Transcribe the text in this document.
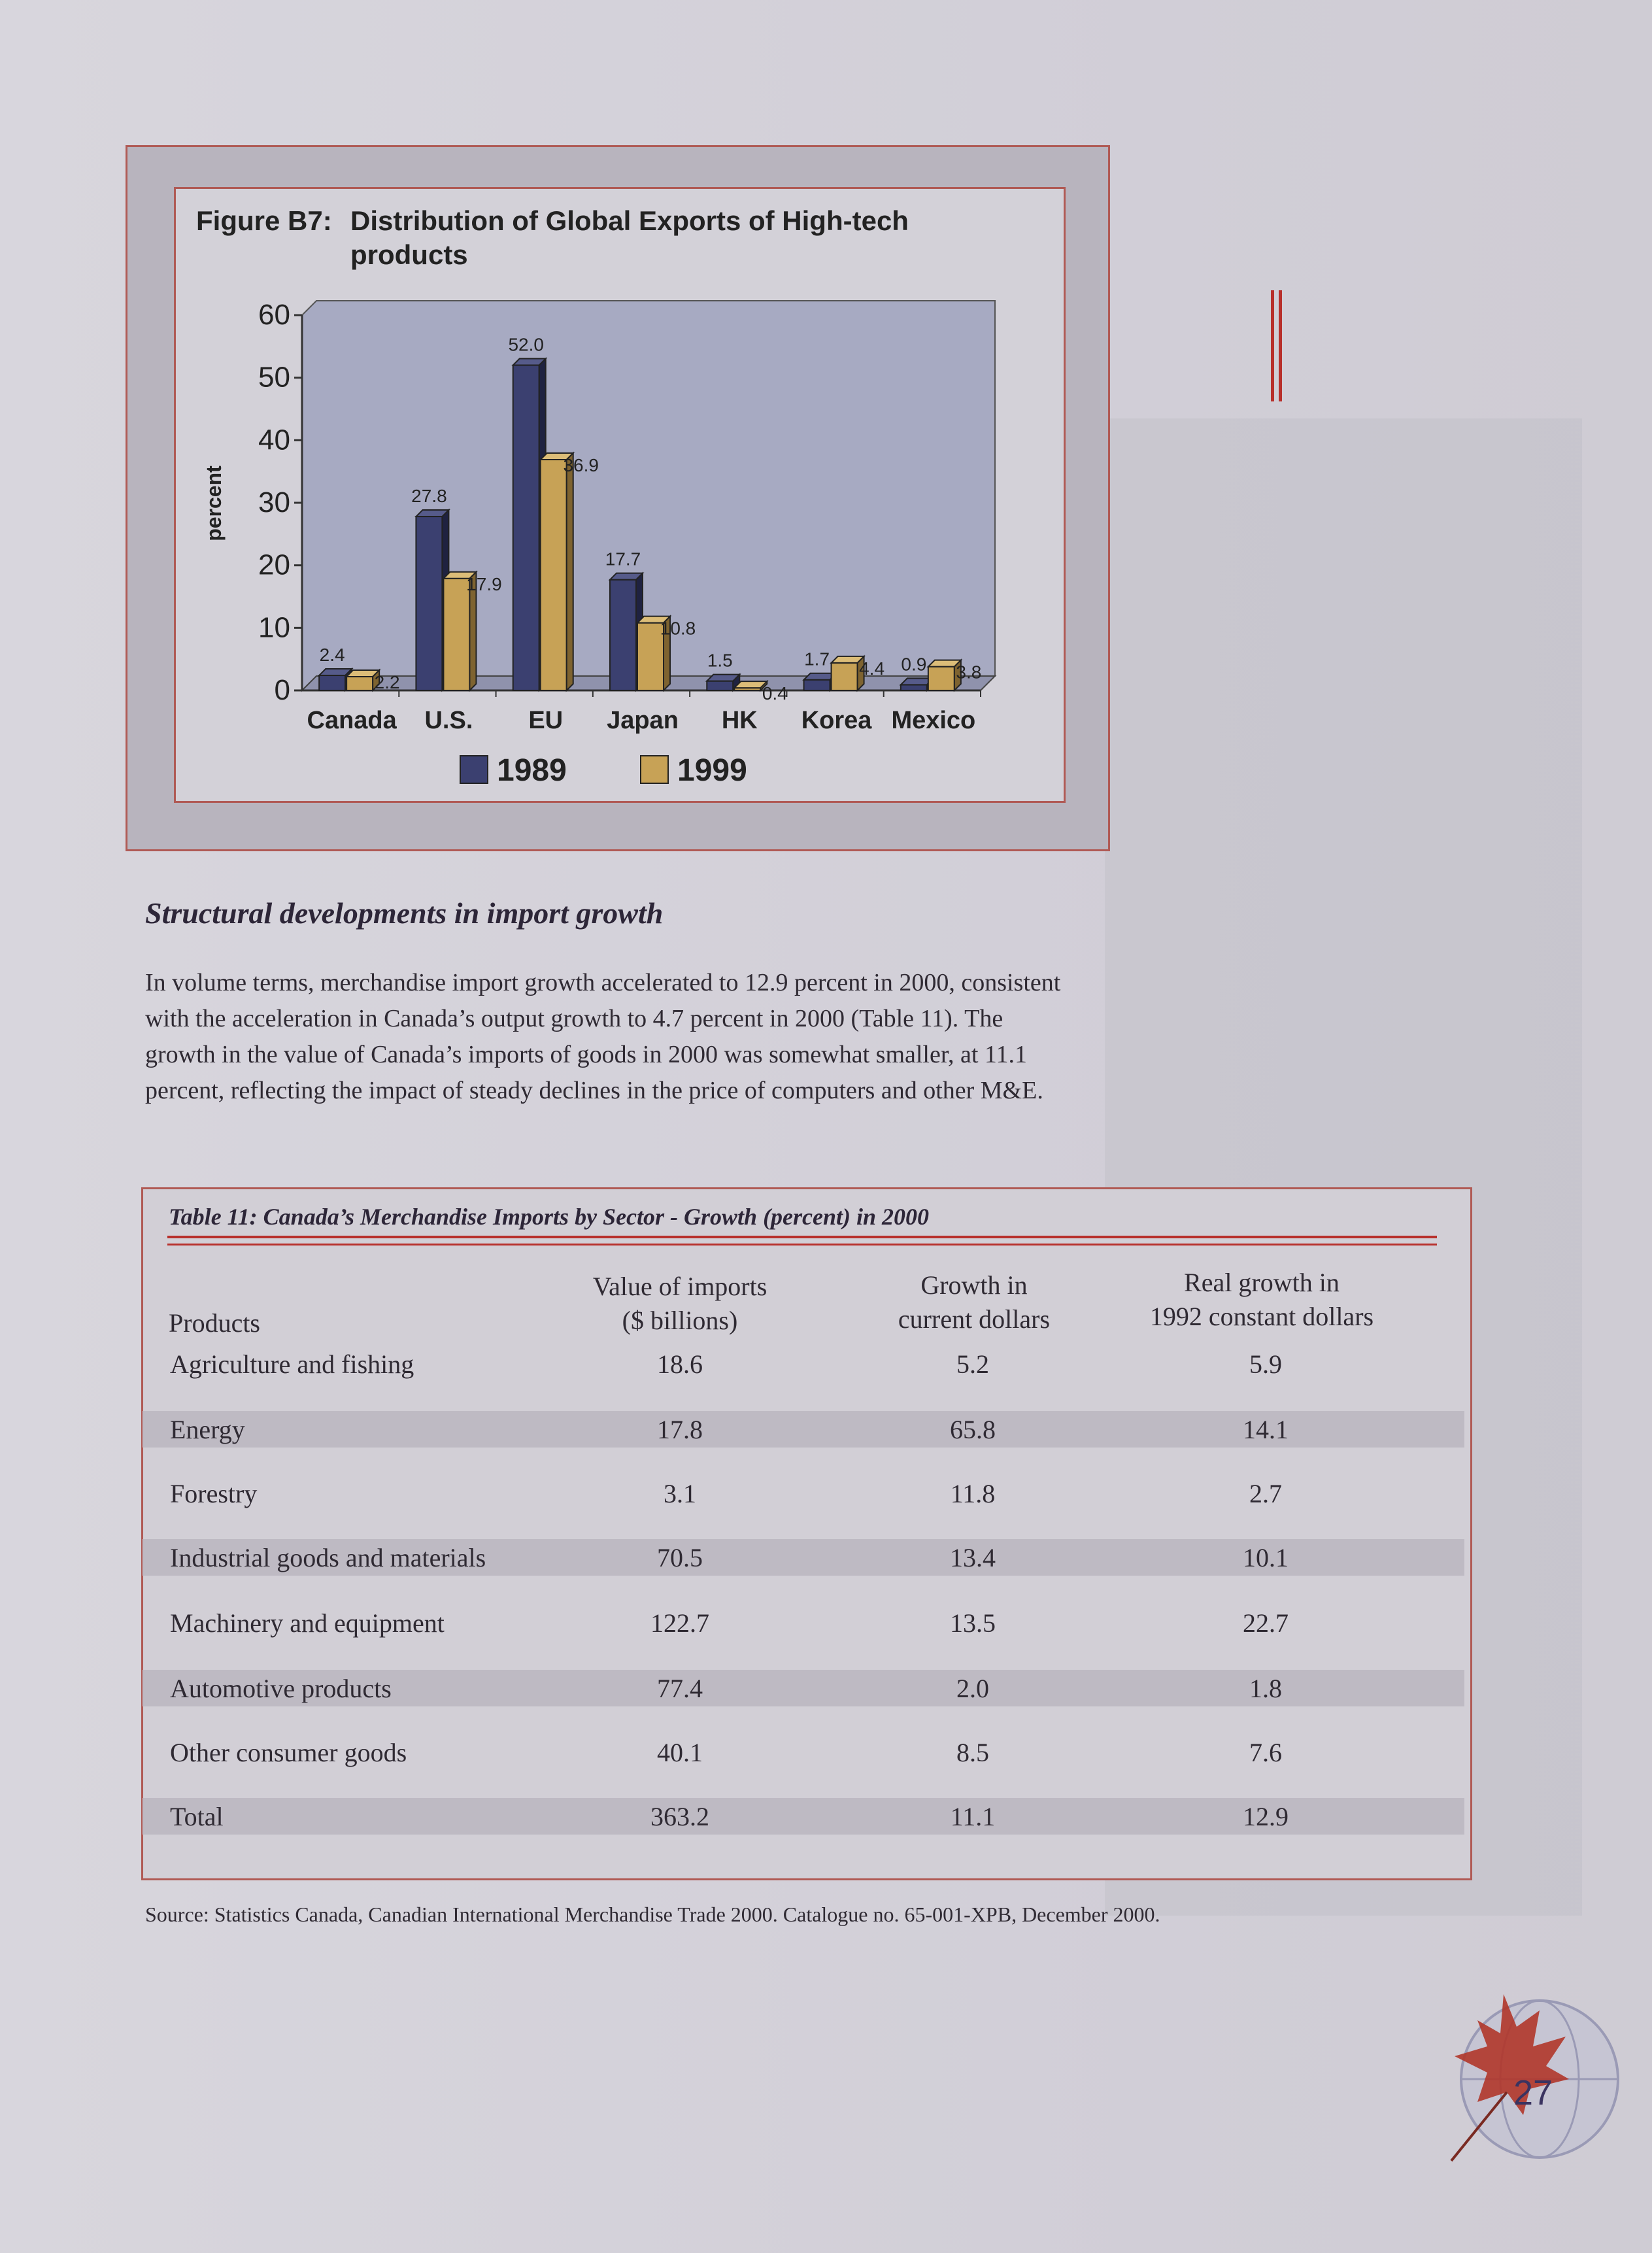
Figure B7: Distribution of Global Exports of High-tech products
0
10
20
30
40
50
60
percent
Canada
2.4
2.2
U.S.
27.8
17.9
EU
52.0
36.9
Japan
17.7
10.8
HK
1.5
0.4
Korea
1.7 4.4
Mexico
0.9 3.8
1989	1999
Structural developments in import growth
In volume terms, merchandise import growth accelerated to 12.9 percent in 2000, consistent with the acceleration in Canada’s output growth to 4.7 percent in 2000 (Table 11). The growth in the value of Canada’s imports of goods in 2000 was somewhat smaller, at 11.1 percent, reflecting the impact of steady declines in the price of computers and other M&E.
Table 11: Canada’s Merchandise Imports by Sector - Growth (percent) in 2000
Products
Value of imports
($ billions)
Growth in
current dollars
Real growth in
1992 constant dollars
Agriculture and fishing	18.6	5.2	5.9
Energy	17.8	65.8	14.1
Forestry	3.1	11.8	2.7
Industrial goods and materials	70.5	13.4	10.1
Machinery and equipment	122.7	13.5	22.7
Automotive products	77.4	2.0	1.8
Other consumer goods	40.1	8.5	7.6
Total	363.2	11.1	12.9
Source: Statistics Canada, Canadian International Merchandise Trade 2000. Catalogue no. 65-001-XPB, December 2000.
27
